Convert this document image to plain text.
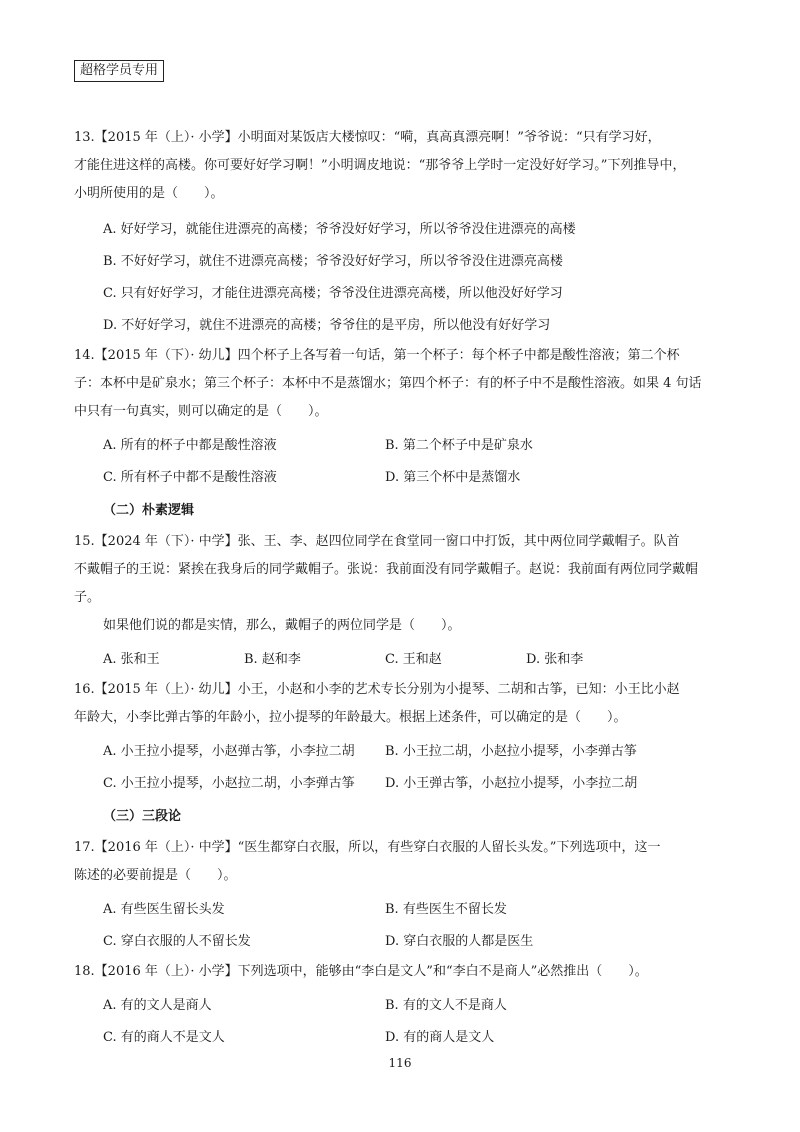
超格学员专用

13.【2015 年（上）· 小学】小明面对某饭店大楼惊叹：“嗬，真高真漂亮啊！”爷爷说：“只有学习好，

才能住进这样的高楼。你可要好好学习啊！”小明调皮地说：“那爷爷上学时一定没好好学习。”下列推导中，

小明所使用的是（　　）。

A. 好好学习，就能住进漂亮的高楼；爷爷没好好学习，所以爷爷没住进漂亮的高楼
B. 不好好学习，就住不进漂亮高楼；爷爷没好好学习，所以爷爷没住进漂亮高楼
C. 只有好好学习，才能住进漂亮高楼；爷爷没住进漂亮高楼，所以他没好好学习
D. 不好好学习，就住不进漂亮的高楼；爷爷住的是平房，所以他没有好好学习

14.【2015 年（下）· 幼儿】四个杯子上各写着一句话，第一个杯子：每个杯子中都是酸性溶液；第二个杯

子：本杯中是矿泉水；第三个杯子：本杯中不是蒸馏水；第四个杯子：有的杯子中不是酸性溶液。如果 4 句话

中只有一句真实，则可以确定的是（　　）。

A. 所有的杯子中都是酸性溶液	B. 第二个杯子中是矿泉水
C. 所有杯子中都不是酸性溶液	D. 第三个杯中是蒸馏水
（二）朴素逻辑

15.【2024 年（下）· 中学】张、王、李、赵四位同学在食堂同一窗口中打饭，其中两位同学戴帽子。队首

不戴帽子的王说：紧挨在我身后的同学戴帽子。张说：我前面没有同学戴帽子。赵说：我前面有两位同学戴帽

子。

如果他们说的都是实情，那么，戴帽子的两位同学是（　　）。

A. 张和王	B. 赵和李	C. 王和赵	D. 张和李

16.【2015 年（上）· 幼儿】小王，小赵和小李的艺术专长分别为小提琴、二胡和古筝，已知：小王比小赵

年龄大，小李比弹古筝的年龄小，拉小提琴的年龄最大。根据上述条件，可以确定的是（　　）。

A. 小王拉小提琴，小赵弹古筝，小李拉二胡	B. 小王拉二胡，小赵拉小提琴，小李弹古筝
C. 小王拉小提琴，小赵拉二胡，小李弹古筝	D. 小王弹古筝，小赵拉小提琴，小李拉二胡
（三）三段论

17.【2016 年（上）· 中学】“医生都穿白衣服，所以，有些穿白衣服的人留长头发。”下列选项中，这一

陈述的必要前提是（　　）。

A. 有些医生留长头发	B. 有些医生不留长发
C. 穿白衣服的人不留长发	D. 穿白衣服的人都是医生

18.【2016 年（上）· 小学】下列选项中，能够由“李白是文人”和“李白不是商人”必然推出（　　）。

A. 有的文人是商人	B. 有的文人不是商人
C. 有的商人不是文人	D. 有的商人是文人
116
